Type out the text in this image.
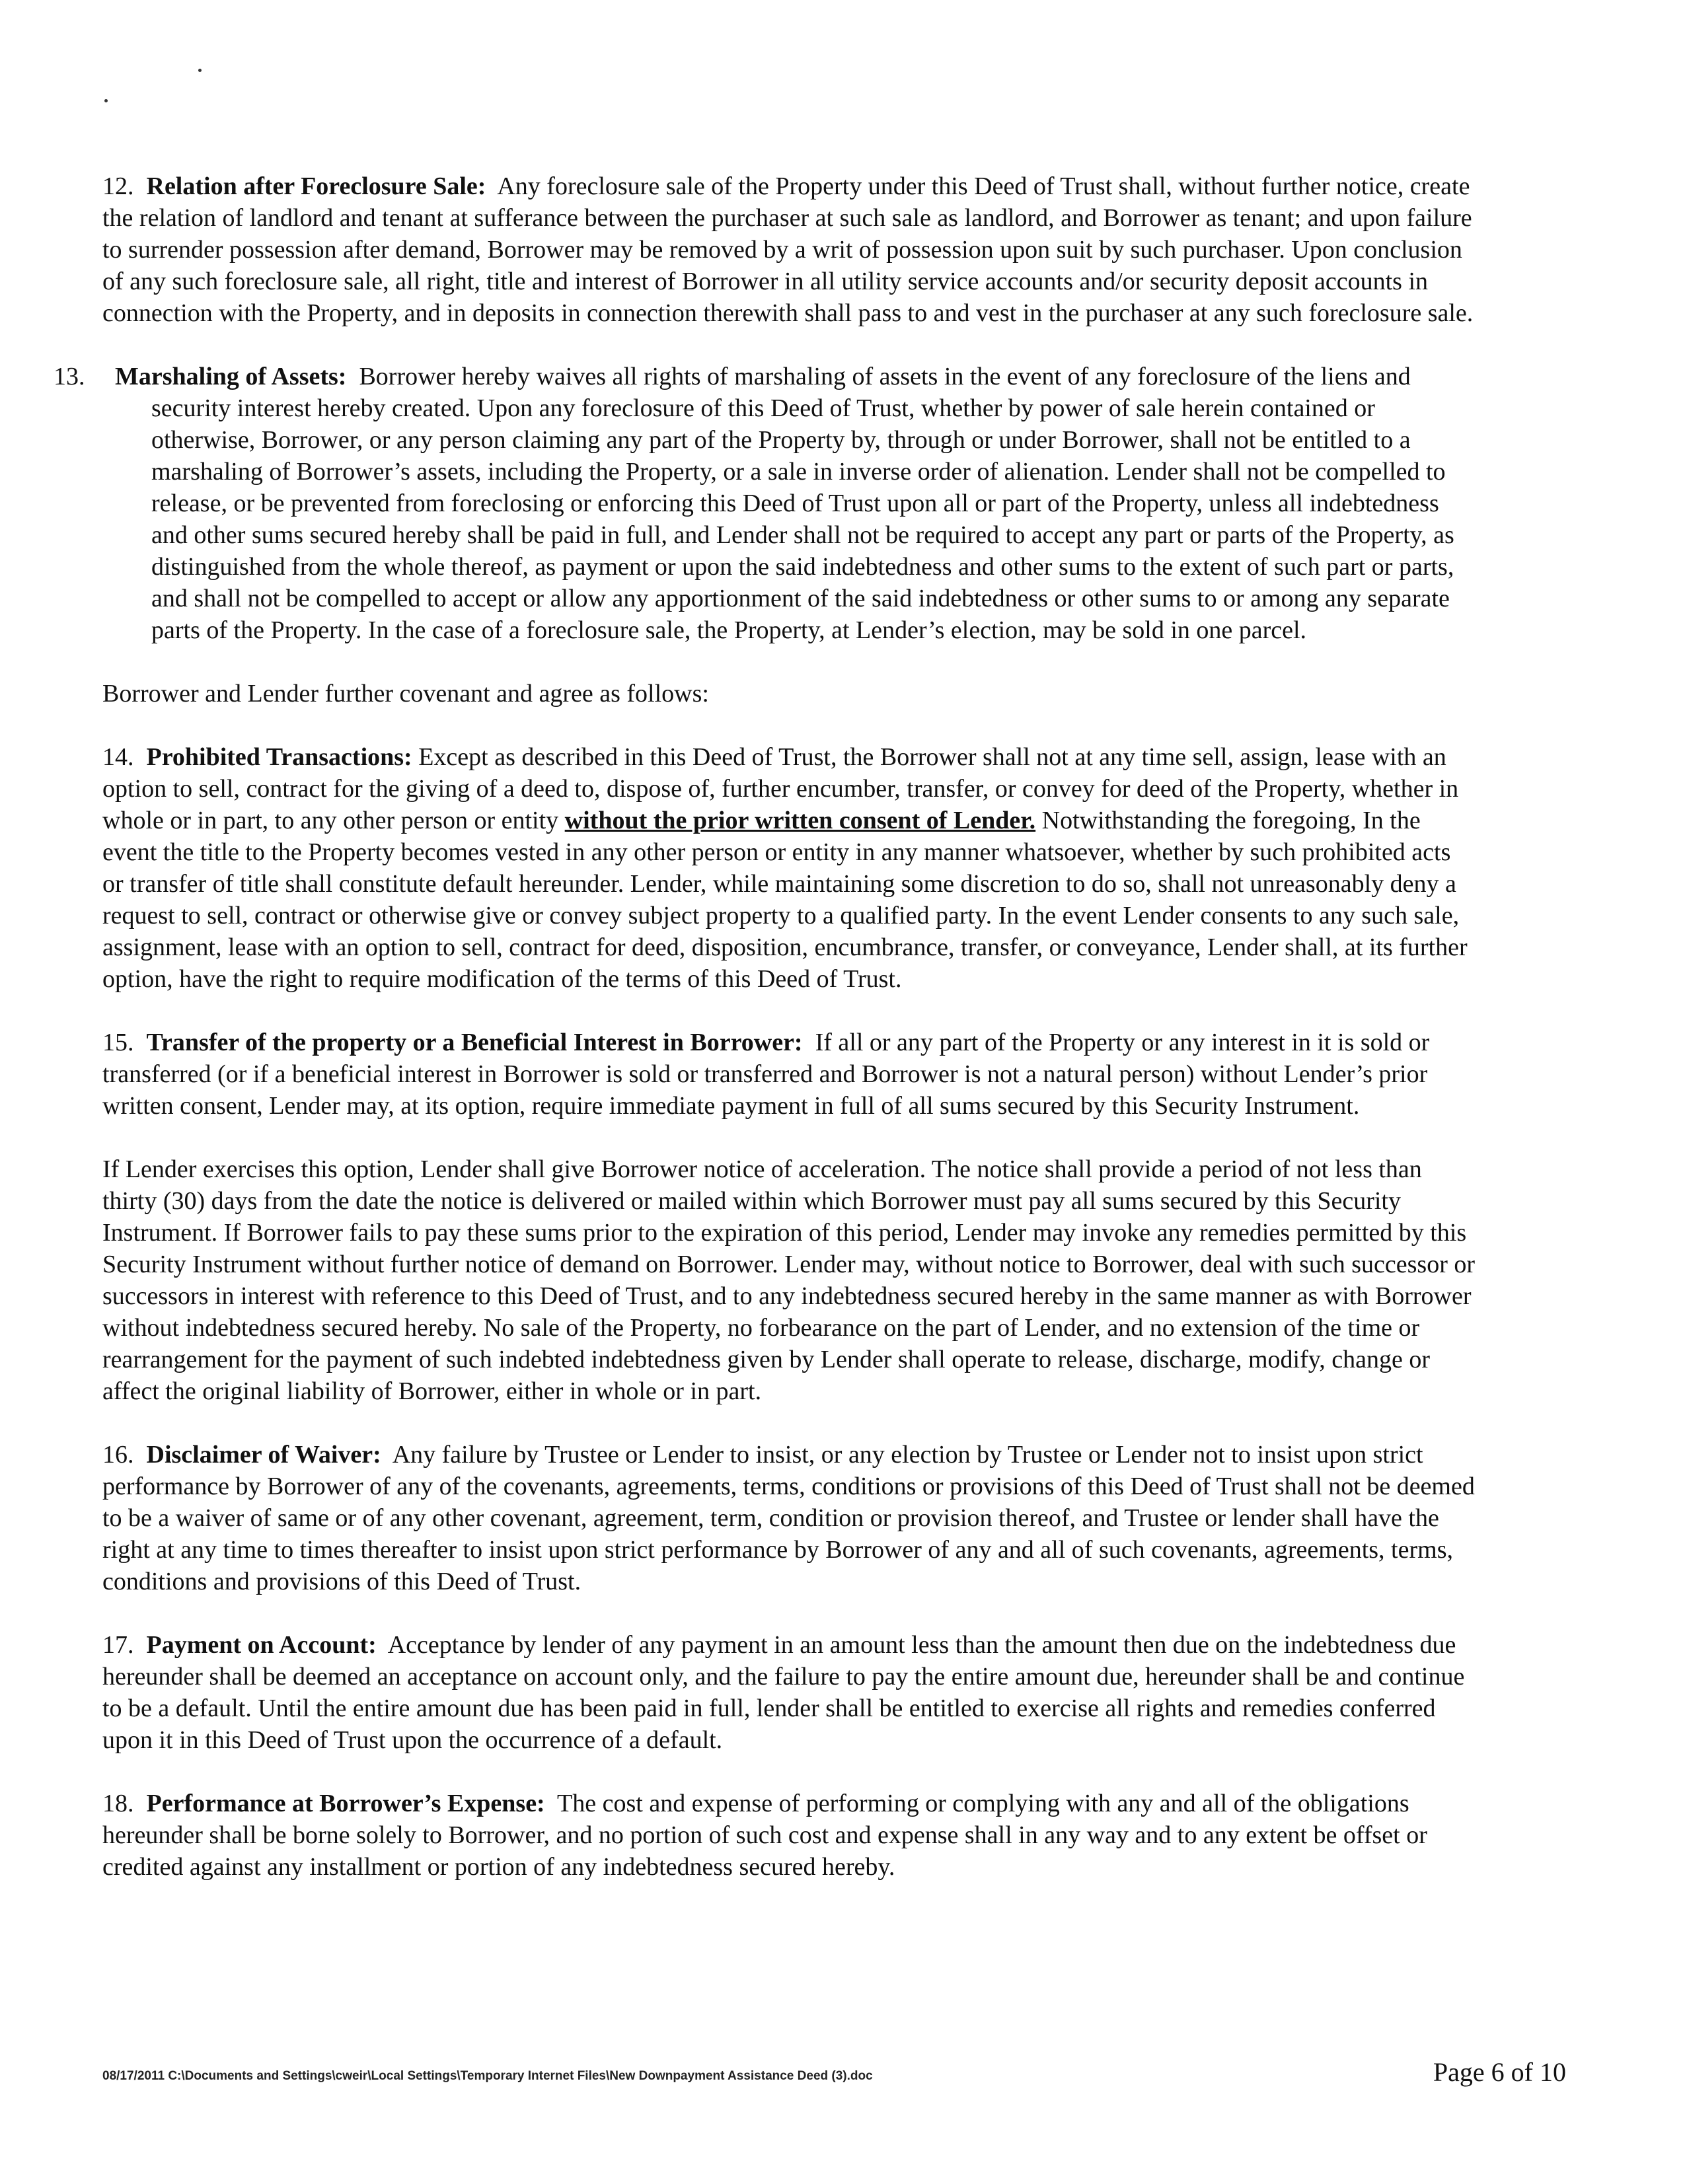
12. Relation after Foreclosure Sale: Any foreclosure sale of the Property under this Deed of Trust shall, without further notice, create the relation of landlord and tenant at sufferance between the purchaser at such sale as landlord, and Borrower as tenant; and upon failure to surrender possession after demand, Borrower may be removed by a writ of possession upon suit by such purchaser. Upon conclusion of any such foreclosure sale, all right, title and interest of Borrower in all utility service accounts and/or security deposit accounts in connection with the Property, and in deposits in connection therewith shall pass to and vest in the purchaser at any such foreclosure sale.

13. Marshaling of Assets: Borrower hereby waives all rights of marshaling of assets in the event of any foreclosure of the liens and security interest hereby created. Upon any foreclosure of this Deed of Trust, whether by power of sale herein contained or otherwise, Borrower, or any person claiming any part of the Property by, through or under Borrower, shall not be entitled to a marshaling of Borrower’s assets, including the Property, or a sale in inverse order of alienation. Lender shall not be compelled to release, or be prevented from foreclosing or enforcing this Deed of Trust upon all or part of the Property, unless all indebtedness and other sums secured hereby shall be paid in full, and Lender shall not be required to accept any part or parts of the Property, as distinguished from the whole thereof, as payment or upon the said indebtedness and other sums to the extent of such part or parts, and shall not be compelled to accept or allow any apportionment of the said indebtedness or other sums to or among any separate parts of the Property. In the case of a foreclosure sale, the Property, at Lender’s election, may be sold in one parcel.

Borrower and Lender further covenant and agree as follows:

14. Prohibited Transactions: Except as described in this Deed of Trust, the Borrower shall not at any time sell, assign, lease with an option to sell, contract for the giving of a deed to, dispose of, further encumber, transfer, or convey for deed of the Property, whether in whole or in part, to any other person or entity without the prior written consent of Lender. Notwithstanding the foregoing, In the event the title to the Property becomes vested in any other person or entity in any manner whatsoever, whether by such prohibited acts or transfer of title shall constitute default hereunder. Lender, while maintaining some discretion to do so, shall not unreasonably deny a request to sell, contract or otherwise give or convey subject property to a qualified party. In the event Lender consents to any such sale, assignment, lease with an option to sell, contract for deed, disposition, encumbrance, transfer, or conveyance, Lender shall, at its further option, have the right to require modification of the terms of this Deed of Trust.

15. Transfer of the property or a Beneficial Interest in Borrower: If all or any part of the Property or any interest in it is sold or transferred (or if a beneficial interest in Borrower is sold or transferred and Borrower is not a natural person) without Lender’s prior written consent, Lender may, at its option, require immediate payment in full of all sums secured by this Security Instrument.

If Lender exercises this option, Lender shall give Borrower notice of acceleration. The notice shall provide a period of not less than thirty (30) days from the date the notice is delivered or mailed within which Borrower must pay all sums secured by this Security Instrument. If Borrower fails to pay these sums prior to the expiration of this period, Lender may invoke any remedies permitted by this Security Instrument without further notice of demand on Borrower. Lender may, without notice to Borrower, deal with such successor or successors in interest with reference to this Deed of Trust, and to any indebtedness secured hereby in the same manner as with Borrower without indebtedness secured hereby. No sale of the Property, no forbearance on the part of Lender, and no extension of the time or rearrangement for the payment of such indebted indebtedness given by Lender shall operate to release, discharge, modify, change or affect the original liability of Borrower, either in whole or in part.

16. Disclaimer of Waiver: Any failure by Trustee or Lender to insist, or any election by Trustee or Lender not to insist upon strict performance by Borrower of any of the covenants, agreements, terms, conditions or provisions of this Deed of Trust shall not be deemed to be a waiver of same or of any other covenant, agreement, term, condition or provision thereof, and Trustee or lender shall have the right at any time to times thereafter to insist upon strict performance by Borrower of any and all of such covenants, agreements, terms, conditions and provisions of this Deed of Trust.

17. Payment on Account: Acceptance by lender of any payment in an amount less than the amount then due on the indebtedness due hereunder shall be deemed an acceptance on account only, and the failure to pay the entire amount due, hereunder shall be and continue to be a default. Until the entire amount due has been paid in full, lender shall be entitled to exercise all rights and remedies conferred upon it in this Deed of Trust upon the occurrence of a default.

18. Performance at Borrower’s Expense: The cost and expense of performing or complying with any and all of the obligations hereunder shall be borne solely to Borrower, and no portion of such cost and expense shall in any way and to any extent be offset or credited against any installment or portion of any indebtedness secured hereby.

08/17/2011 C:\Documents and Settings\cweir\Local Settings\Temporary Internet Files\New Downpayment Assistance Deed (3).doc	Page 6 of 10
